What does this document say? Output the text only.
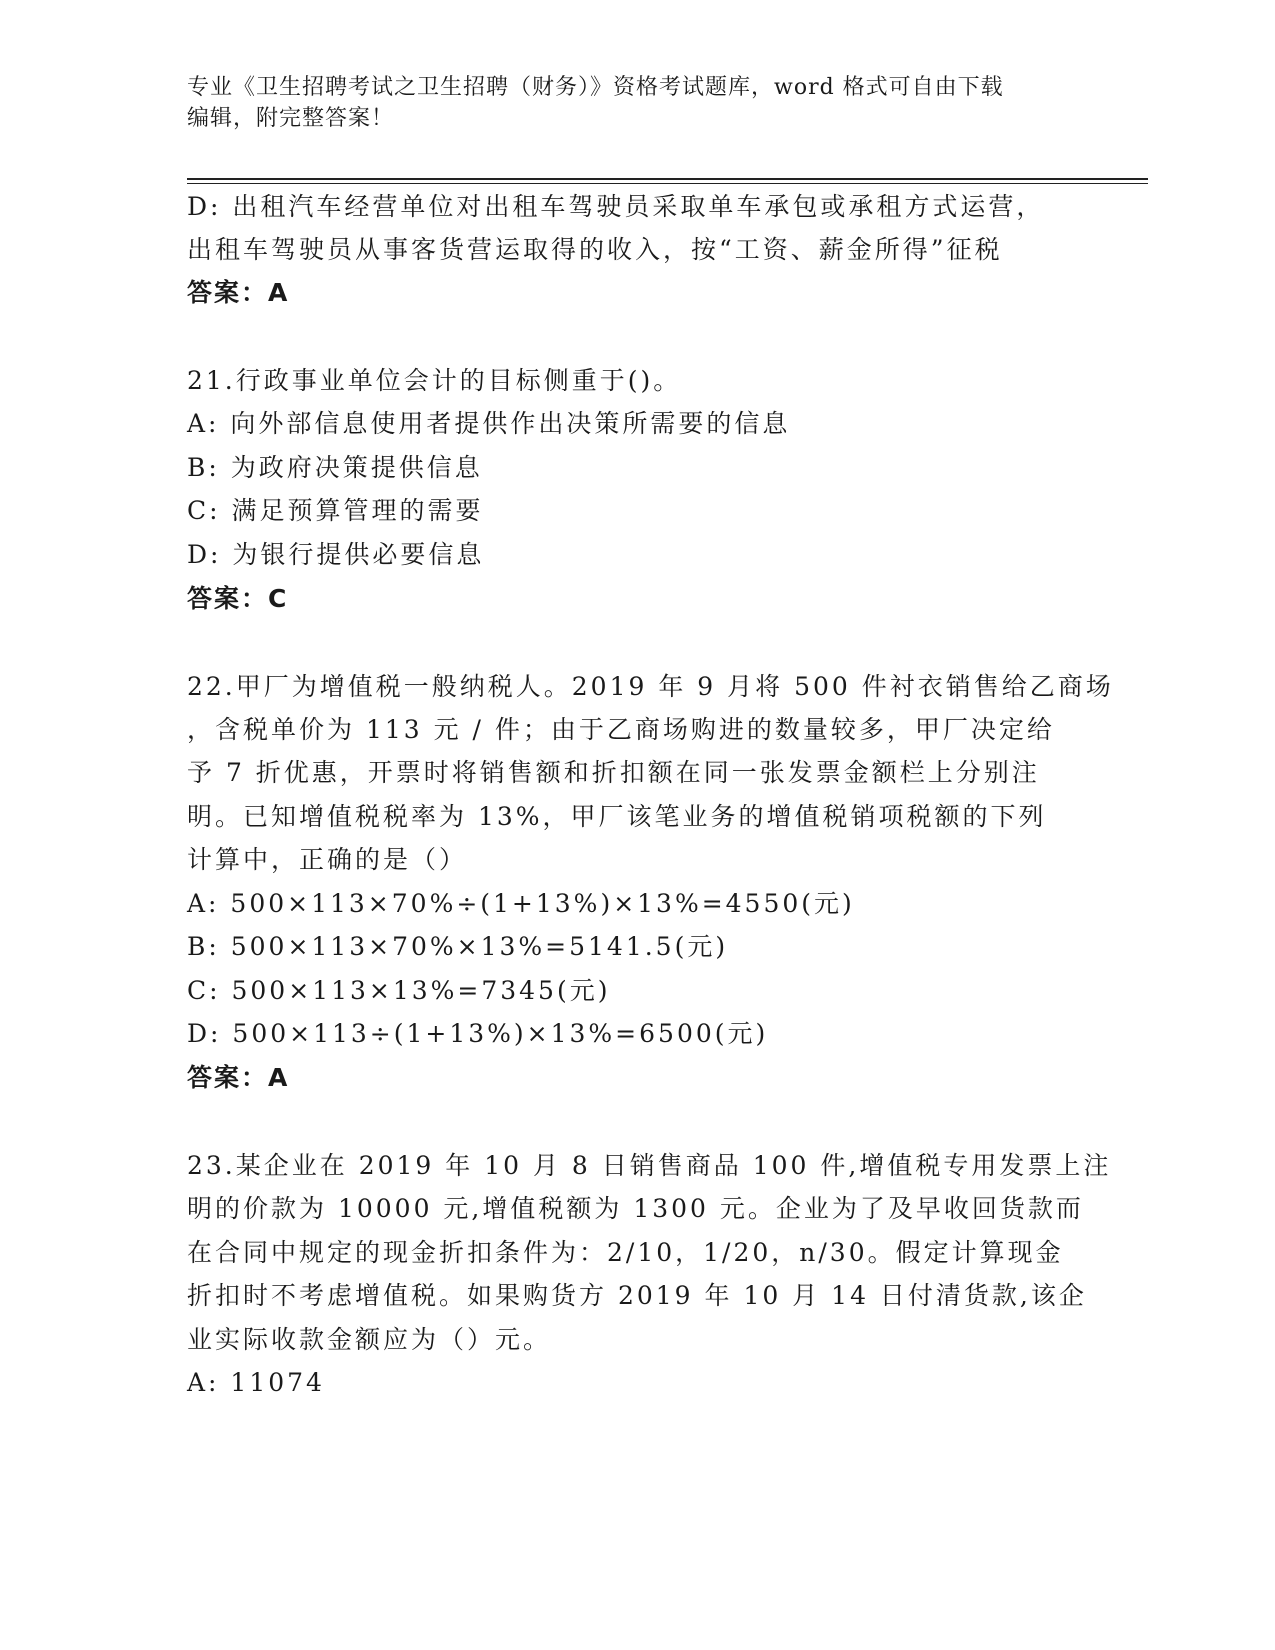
专业《卫生招聘考试之卫生招聘（财务）》资格考试题库，word 格式可自由下载
编辑，附完整答案！
D: 出租汽车经营单位对出租车驾驶员采取单车承包或承租方式运营，
出租车驾驶员从事客货营运取得的收入，按“工资、薪金所得”征税
答案：A
21.行政事业单位会计的目标侧重于()。
A: 向外部信息使用者提供作出决策所需要的信息
B: 为政府决策提供信息
C: 满足预算管理的需要
D: 为银行提供必要信息
答案：C
22.甲厂为增值税一般纳税人。2019 年 9 月将 500 件衬衣销售给乙商场
，含税单价为 113 元 / 件；由于乙商场购进的数量较多，甲厂决定给
予 7 折优惠，开票时将销售额和折扣额在同一张发票金额栏上分别注
明。已知增值税税率为 13%，甲厂该笔业务的增值税销项税额的下列
计算中，正确的是（）
A: 500×113×70%÷(1+13%)×13%=4550(元)
B: 500×113×70%×13%=5141.5(元)
C: 500×113×13%=7345(元)
D: 500×113÷(1+13%)×13%=6500(元)
答案：A
23.某企业在 2019 年 10 月 8 日销售商品 100 件,增值税专用发票上注
明的价款为 10000 元,增值税额为 1300 元。企业为了及早收回货款而
在合同中规定的现金折扣条件为：2/10，1/20，n/30。假定计算现金
折扣时不考虑增值税。如果购货方 2019 年 10 月 14 日付清货款,该企
业实际收款金额应为（）元。
A: 11074
